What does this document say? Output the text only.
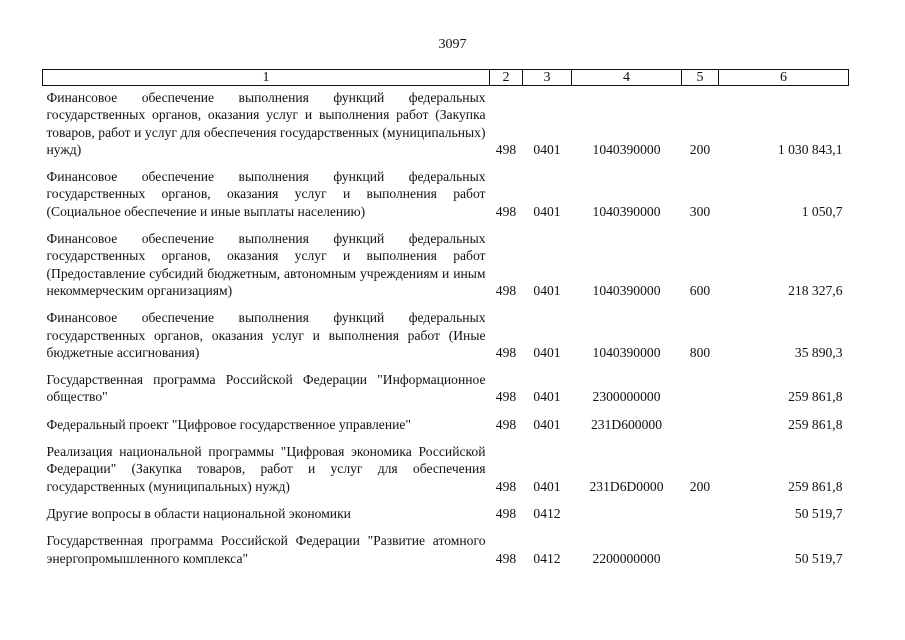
3097
1	2	3	4	5	6
Финансовое обеспечение выполнения функций федеральных государственных органов, оказания услуг и выполнения работ (Закупка товаров, работ и услуг для обеспечения государственных (муниципальных) нужд)	498	0401	1040390000	200	1 030 843,1
Финансовое обеспечение выполнения функций федеральных государственных органов, оказания услуг и выполнения работ (Социальное обеспечение и иные выплаты населению)	498	0401	1040390000	300	1 050,7
Финансовое обеспечение выполнения функций федеральных государственных органов, оказания услуг и выполнения работ (Предоставление субсидий бюджетным, автономным учреждениям и иным некоммерческим организациям)	498	0401	1040390000	600	218 327,6
Финансовое обеспечение выполнения функций федеральных государственных органов, оказания услуг и выполнения работ (Иные бюджетные ассигнования)	498	0401	1040390000	800	35 890,3
Государственная программа Российской Федерации "Информационное общество"	498	0401	2300000000		259 861,8
Федеральный проект "Цифровое государственное управление"	498	0401	231D600000		259 861,8
Реализация национальной программы "Цифровая экономика Российской Федерации" (Закупка товаров, работ и услуг для обеспечения государственных (муниципальных) нужд)	498	0401	231D6D0000	200	259 861,8
Другие вопросы в области национальной экономики	498	0412			50 519,7
Государственная программа Российской Федерации "Развитие атомного энергопромышленного комплекса"	498	0412	2200000000		50 519,7
